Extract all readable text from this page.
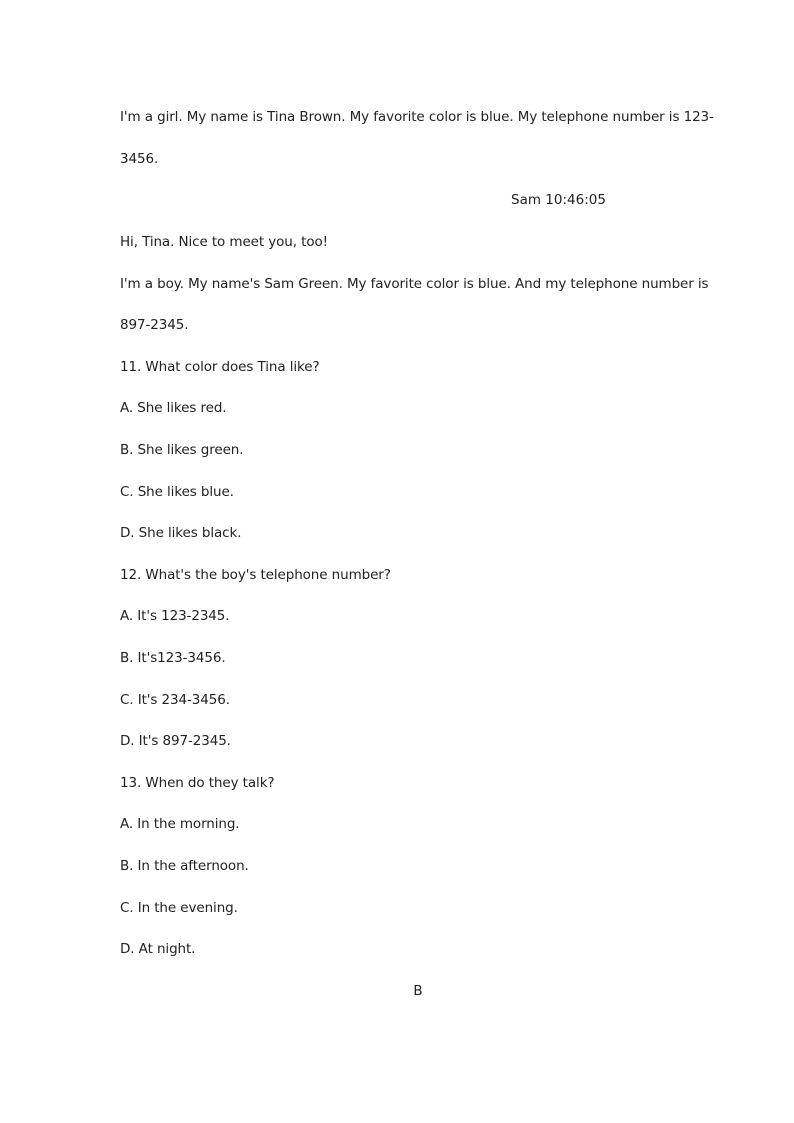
I'm a girl. My name is Tina Brown. My favorite color is blue. My telephone number is 123-
3456.
Sam 10:46:05
Hi, Tina. Nice to meet you, too!
I'm a boy. My name's Sam Green. My favorite color is blue. And my telephone number is
897-2345.
11. What color does Tina like?
A. She likes red.
B. She likes green.
C. She likes blue.
D. She likes black.
12. What's the boy's telephone number?
A. It's 123-2345.
B. It's123-3456.
C. It's 234-3456.
D. It's 897-2345.
13. When do they talk?
A. In the morning.
B. In the afternoon.
C. In the evening.
D. At night.
B
